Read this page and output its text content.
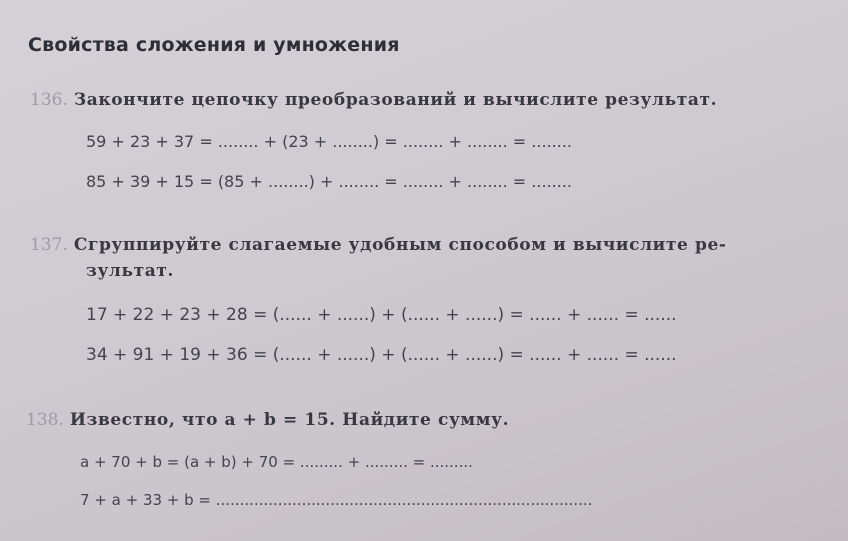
Свойства сложения и умножения
136. Закончите цепочку преобразований и вычислите результат.
59 + 23 + 37 = ........ + (23 + ........) = ........ + ........ = ........
85 + 39 + 15 = (85 + ........) + ........ = ........ + ........ = ........
137. Сгруппируйте слагаемые удобным способом и вычислите ре-
зультат.
17 + 22 + 23 + 28 = (...... + ......) + (...... + ......) = ...... + ...... = ......
34 + 91 + 19 + 36 = (...... + ......) + (...... + ......) = ...... + ...... = ......
138. Известно, что a + b = 15. Найдите сумму.
a + 70 + b = (a + b) + 70 = ......... + ......... = .........
7 + a + 33 + b = ...............................................................................
